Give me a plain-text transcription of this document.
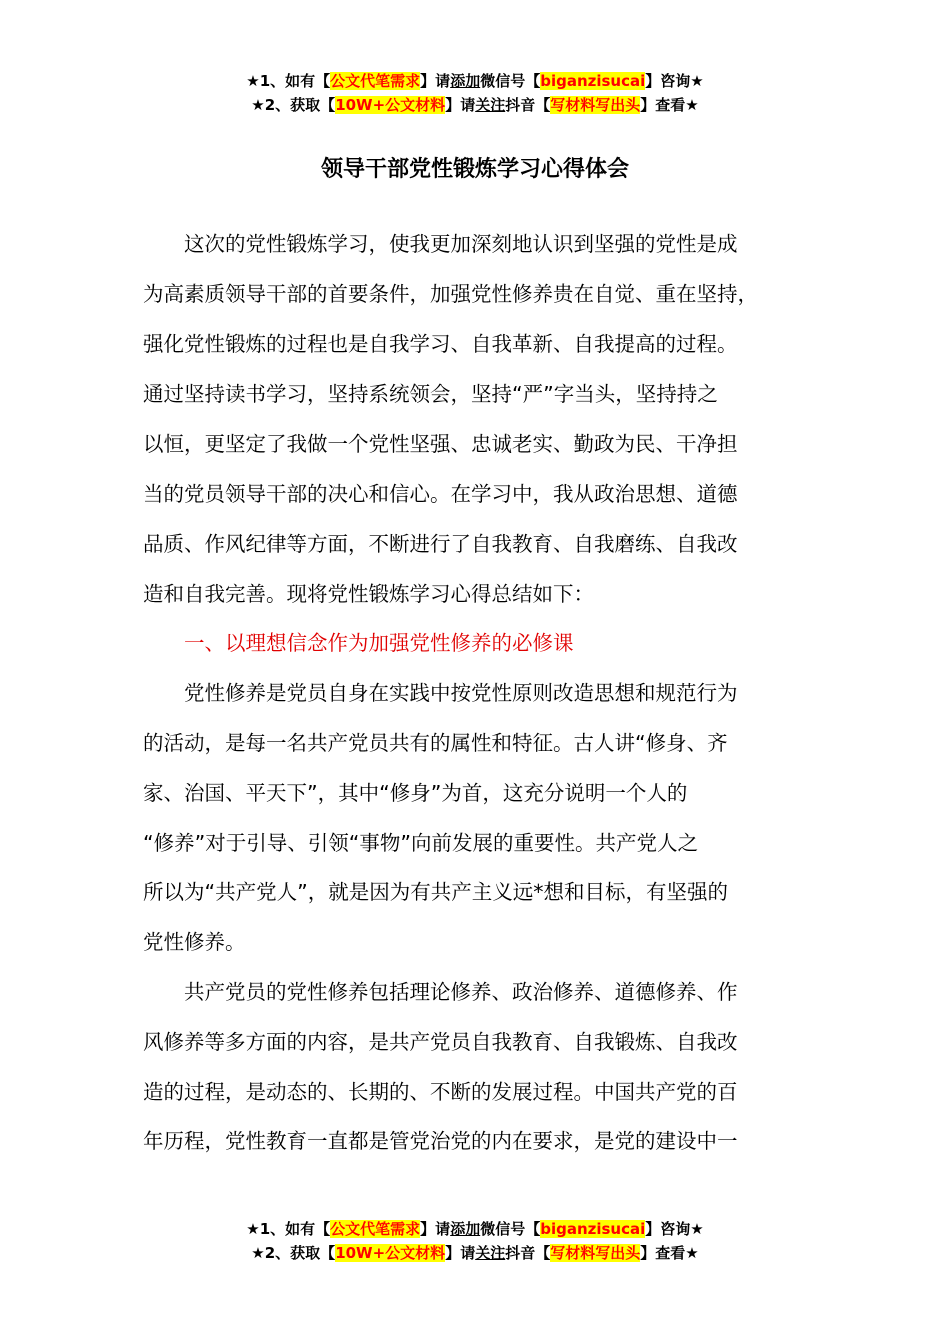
★1、如有【公文代笔需求】请添加微信号【biganzisucai】咨询★
★2、获取【10W+公文材料】请关注抖音【写材料写出头】查看★
领导干部党性锻炼学习心得体会
　　这次的党性锻炼学习，使我更加深刻地认识到坚强的党性是成
为高素质领导干部的首要条件，加强党性修养贵在自觉、重在坚持，
强化党性锻炼的过程也是自我学习、自我革新、自我提高的过程。
通过坚持读书学习，坚持系统领会，坚持“严”字当头，坚持持之
以恒，更坚定了我做一个党性坚强、忠诚老实、勤政为民、干净担
当的党员领导干部的决心和信心。在学习中，我从政治思想、道德
品质、作风纪律等方面，不断进行了自我教育、自我磨练、自我改
造和自我完善。现将党性锻炼学习心得总结如下：
　　一、以理想信念作为加强党性修养的必修课
　　党性修养是党员自身在实践中按党性原则改造思想和规范行为
的活动，是每一名共产党员共有的属性和特征。古人讲“修身、齐
家、治国、平天下”，其中“修身”为首，这充分说明一个人的
“修养”对于引导、引领“事物”向前发展的重要性。共产党人之
所以为“共产党人”，就是因为有共产主义远*想和目标，有坚强的
党性修养。
　　共产党员的党性修养包括理论修养、政治修养、道德修养、作
风修养等多方面的内容，是共产党员自我教育、自我锻炼、自我改
造的过程，是动态的、长期的、不断的发展过程。中国共产党的百
年历程，党性教育一直都是管党治党的内在要求，是党的建设中一
★1、如有【公文代笔需求】请添加微信号【biganzisucai】咨询★
★2、获取【10W+公文材料】请关注抖音【写材料写出头】查看★
